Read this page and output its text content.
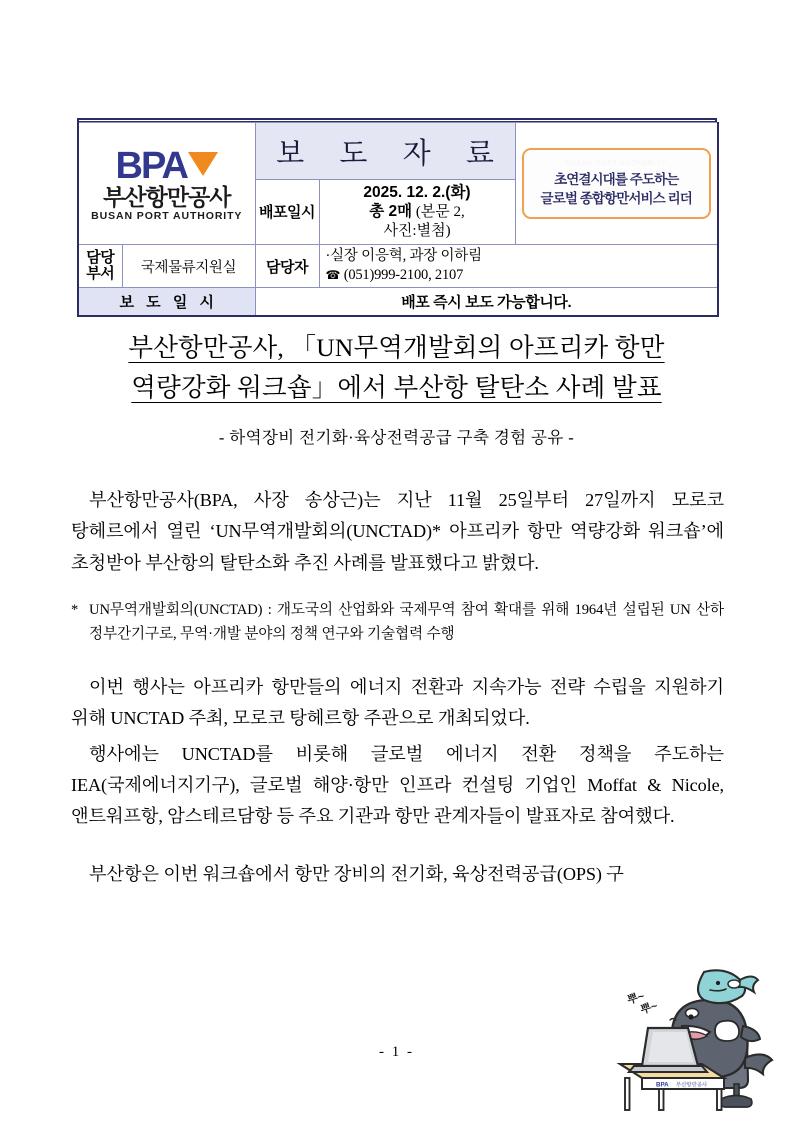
BPA
부산항만공사
BUSAN PORT AUTHORITY
	보 도 자 료	BUSAN PORT AUTHORITY
초연결시대를 주도하는
글로벌 종합항만서비스 리더

		배포일시	2025. 12. 2.(화)
총 2매 (본문 2,
사진:별첨)	

담당
부서	국제물류지원실	담당자	
·실장 이응혁, 과장 이하림
☎ (051)999-2100, 2107

보 도 일 시		배포 즉시 보도 가능합니다.		
부산항만공사, 「UN무역개발회의 아프리카 항만
역량강화 워크숍」에서 부산항 탈탄소 사례 발표
- 하역장비 전기화·육상전력공급 구축 경험 공유 -

부산항만공사(BPA, 사장 송상근)는 지난 11월 25일부터 27일까지 모로코 탕헤르에서 열린 ‘UN무역개발회의(UNCTAD)* 아프리카 항만 역량강화 워크숍’에 초청받아 부산항의 탈탄소화 추진 사례를 발표했다고 밝혔다.

* UN무역개발회의(UNCTAD) : 개도국의 산업화와 국제무역 참여 확대를 위해 1964년 설립된 UN 산하 정부간기구로, 무역·개발 분야의 정책 연구와 기술협력 수행

이번 행사는 아프리카 항만들의 에너지 전환과 지속가능 전략 수립을 지원하기 위해 UNCTAD 주최, 모로코 탕헤르항 주관으로 개최되었다.

행사에는 UNCTAD를 비롯해 글로벌 에너지 전환 정책을 주도하는 IEA(국제에너지기구), 글로벌 해양·항만 인프라 컨설팅 기업인 Moffat & Nicole, 앤트워프항, 암스테르담항 등 주요 기관과 항만 관계자들이 발표자로 참여했다.

부산항은 이번 워크숍에서 항만 장비의 전기화, 육상전력공급(OPS) 구

- 1 -
BPA 부산항만공사
뿌~
뿌~
